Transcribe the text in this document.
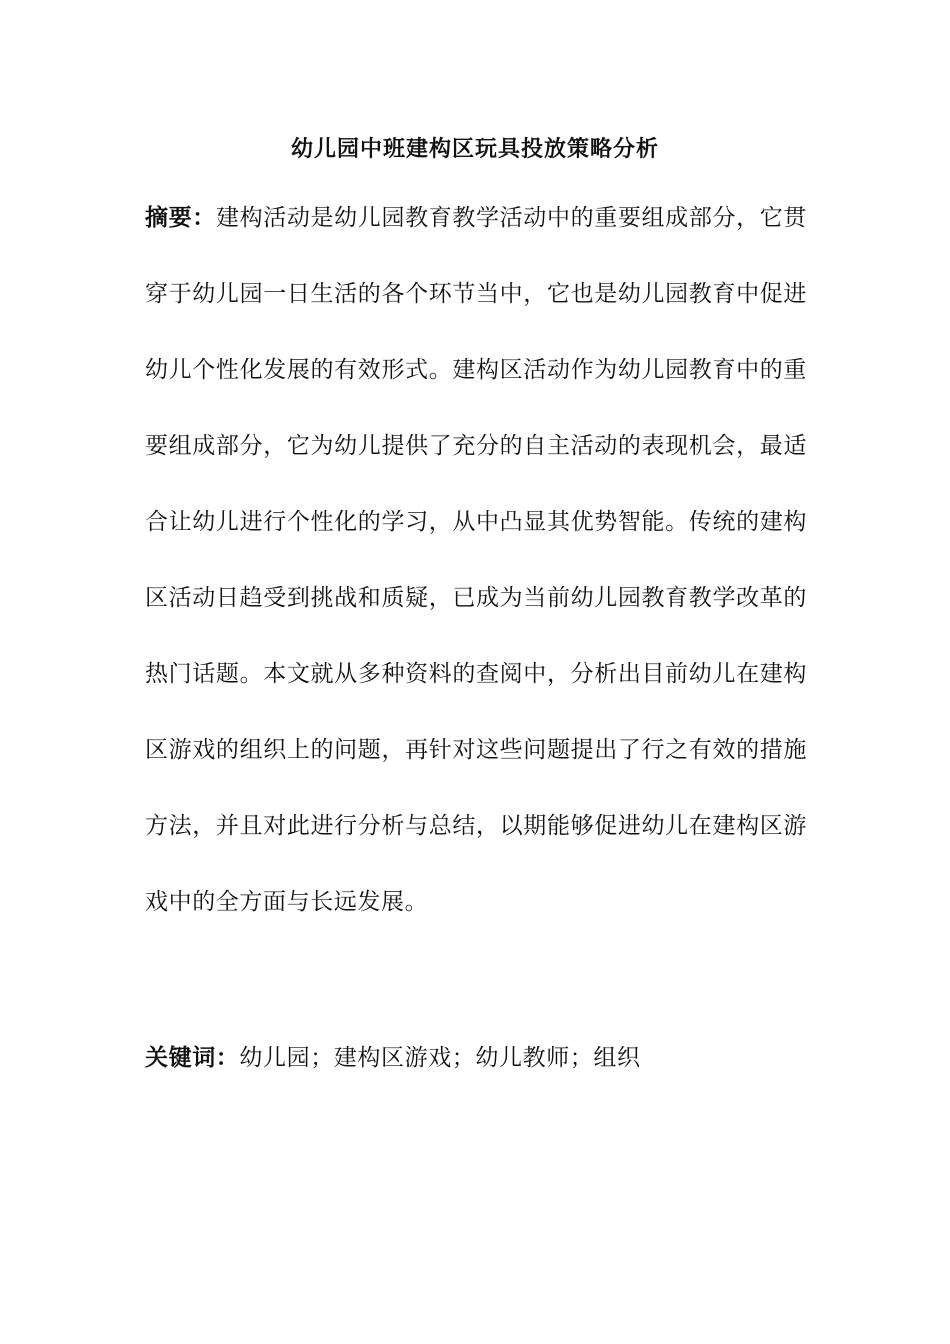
幼儿园中班建构区玩具投放策略分析
摘要：建构活动是幼儿园教育教学活动中的重要组成部分，它贯穿于幼儿园一日生活的各个环节当中，它也是幼儿园教育中促进幼儿个性化发展的有效形式。建构区活动作为幼儿园教育中的重要组成部分，它为幼儿提供了充分的自主活动的表现机会，最适合让幼儿进行个性化的学习，从中凸显其优势智能。传统的建构区活动日趋受到挑战和质疑，已成为当前幼儿园教育教学改革的热门话题。本文就从多种资料的查阅中，分析出目前幼儿在建构区游戏的组织上的问题，再针对这些问题提出了行之有效的措施方法，并且对此进行分析与总结，以期能够促进幼儿在建构区游戏中的全方面与长远发展。
关键词：幼儿园；建构区游戏；幼儿教师；组织
